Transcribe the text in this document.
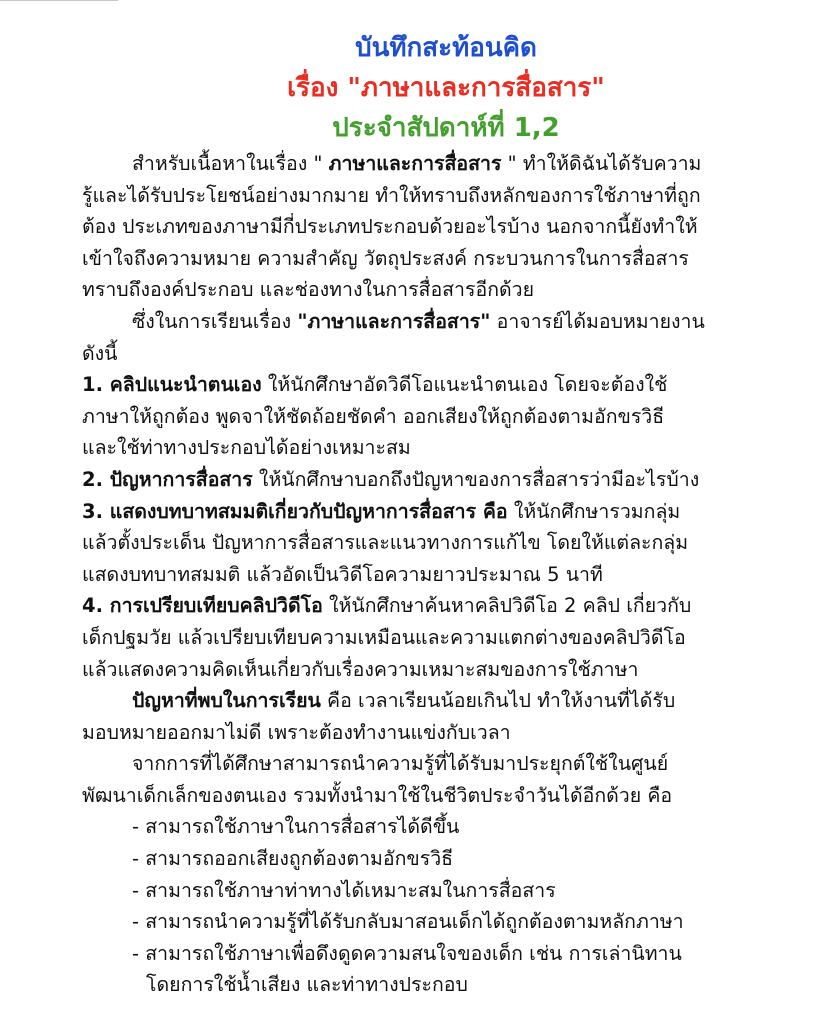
บันทึกสะท้อนคิด
เรื่อง "ภาษาและการสื่อสาร"
ประจำสัปดาห์ที่ 1,2

สำหรับเนื้อหาในเรื่อง " ภาษาและการสื่อสาร " ทำให้ดิฉันได้รับความ

รู้และได้รับประโยชน์อย่างมากมาย ทำให้ทราบถึงหลักของการใช้ภาษาที่ถูก

ต้อง ประเภทของภาษามีกี่ประเภทประกอบด้วยอะไรบ้าง นอกจากนี้ยังทำให้

เข้าใจถึงความหมาย ความสำคัญ วัตถุประสงค์ กระบวนการในการสื่อสาร

ทราบถึงองค์ประกอบ และช่องทางในการสื่อสารอีกด้วย

ซึ่งในการเรียนเรื่อง "ภาษาและการสื่อสาร" อาจารย์ได้มอบหมายงาน

ดังนี้

1. คลิปแนะนำตนเอง ให้นักศึกษาอัดวิดีโอแนะนำตนเอง โดยจะต้องใช้

ภาษาให้ถูกต้อง พูดจาให้ชัดถ้อยชัดคำ ออกเสียงให้ถูกต้องตามอักขรวิธี

และใช้ท่าทางประกอบได้อย่างเหมาะสม

2. ปัญหาการสื่อสาร ให้นักศึกษาบอกถึงปัญหาของการสื่อสารว่ามีอะไรบ้าง

3. แสดงบทบาทสมมติเกี่ยวกับปัญหาการสื่อสาร คือ ให้นักศึกษารวมกลุ่ม

แล้วตั้งประเด็น ปัญหาการสื่อสารและแนวทางการแก้ไข โดยให้แต่ละกลุ่ม

แสดงบทบาทสมมติ แล้วอัดเป็นวิดีโอความยาวประมาณ 5 นาที

4. การเปรียบเทียบคลิปวิดีโอ ให้นักศึกษาค้นหาคลิปวิดีโอ 2 คลิป เกี่ยวกับ

เด็กปฐมวัย แล้วเปรียบเทียบความเหมือนและความแตกต่างของคลิปวิดีโอ

แล้วแสดงความคิดเห็นเกี่ยวกับเรื่องความเหมาะสมของการใช้ภาษา

ปัญหาที่พบในการเรียน คือ เวลาเรียนน้อยเกินไป ทำให้งานที่ได้รับ

มอบหมายออกมาไม่ดี เพราะต้องทำงานแข่งกับเวลา

จากการที่ได้ศึกษาสามารถนำความรู้ที่ได้รับมาประยุกต์ใช้ในศูนย์

พัฒนาเด็กเล็กของตนเอง รวมทั้งนำมาใช้ในชีวิตประจำวันได้อีกด้วย คือ

- สามารถใช้ภาษาในการสื่อสารได้ดีขึ้น
- สามารถออกเสียงถูกต้องตามอักขรวิธี
- สามารถใช้ภาษาท่าทางได้เหมาะสมในการสื่อสาร
- สามารถนำความรู้ที่ได้รับกลับมาสอนเด็กได้ถูกต้องตามหลักภาษา
- สามารถใช้ภาษาเพื่อดึงดูดความสนใจของเด็ก เช่น การเล่านิทาน
โดยการใช้น้ำเสียง และท่าทางประกอบ
